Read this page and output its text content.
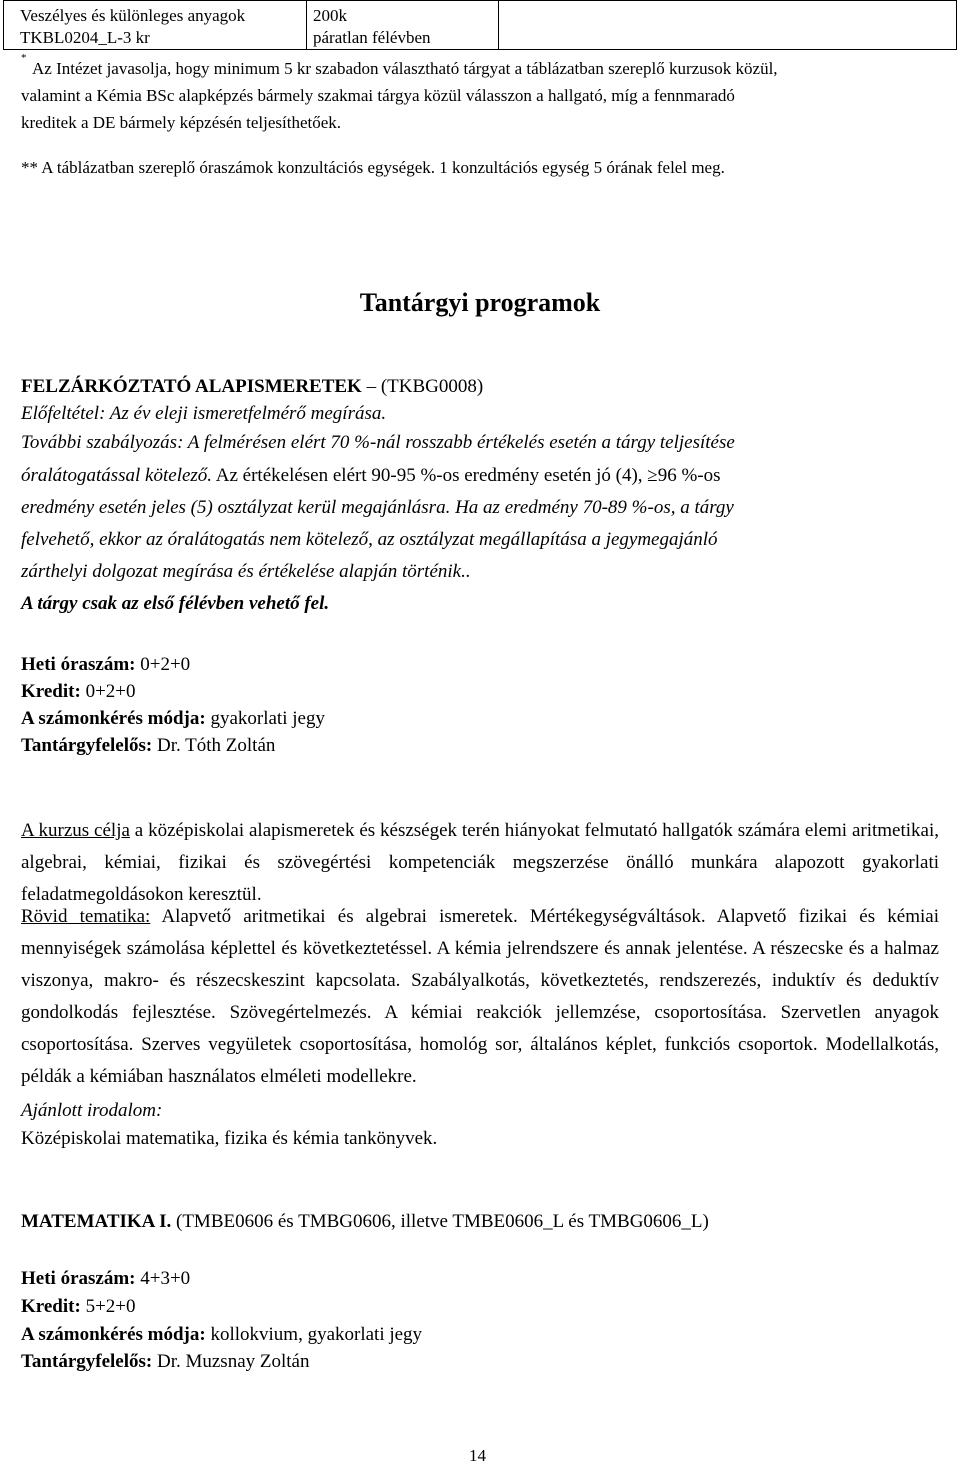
Veszélyes és különleges anyagok
TKBL0204_L-3 kr
200k
páratlan félévben
*
Az Intézet javasolja, hogy minimum 5 kr szabadon választható tárgyat a táblázatban szereplő kurzusok közül,
valamint a Kémia BSc alapképzés bármely szakmai tárgya közül válasszon a hallgató, míg a fennmaradó
kreditek a DE bármely képzésén teljesíthetőek.
** A táblázatban szereplő óraszámok konzultációs egységek. 1 konzultációs egység 5 órának felel meg.
Tantárgyi programok
FELZÁRKÓZTATÓ ALAPISMERETEK – (TKBG0008)
Előfeltétel: Az év eleji ismeretfelmérő megírása.
További szabályozás: A felmérésen elért 70 %-nál rosszabb értékelés esetén a tárgy teljesítése
óralátogatással kötelező. Az értékelésen elért 90-95 %-os eredmény esetén jó (4), ≥96 %-os
eredmény esetén jeles (5) osztályzat kerül megajánlásra. Ha az eredmény 70-89 %-os, a tárgy
felvehető, ekkor az óralátogatás nem kötelező, az osztályzat megállapítása a jegymegajánló
zárthelyi dolgozat megírása és értékelése alapján történik..
A tárgy csak az első félévben vehető fel.
Heti óraszám: 0+2+0
Kredit: 0+2+0
A számonkérés módja: gyakorlati jegy
Tantárgyfelelős: Dr. Tóth Zoltán
A kurzus célja a középiskolai alapismeretek és készségek terén hiányokat felmutató hallgatók számára elemi aritmetikai, algebrai, kémiai, fizikai és szövegértési kompetenciák megszerzése önálló munkára alapozott gyakorlati feladatmegoldásokon keresztül.
Rövid tematika: Alapvető aritmetikai és algebrai ismeretek. Mértékegységváltások. Alapvető fizikai és kémiai mennyiségek számolása képlettel és következtetéssel. A kémia jelrendszere és annak jelentése. A részecske és a halmaz viszonya, makro- és részecskeszint kapcsolata. Szabályalkotás, következtetés, rendszerezés, induktív és deduktív gondolkodás fejlesztése. Szövegértelmezés. A kémiai reakciók jellemzése, csoportosítása. Szervetlen anyagok csoportosítása. Szerves vegyületek csoportosítása, homológ sor, általános képlet, funkciós csoportok. Modellalkotás, példák a kémiában használatos elméleti modellekre.
Ajánlott irodalom:
Középiskolai matematika, fizika és kémia tankönyvek.
MATEMATIKA I. (TMBE0606 és TMBG0606, illetve TMBE0606_L és TMBG0606_L)
Heti óraszám: 4+3+0
Kredit: 5+2+0
A számonkérés módja: kollokvium, gyakorlati jegy
Tantárgyfelelős: Dr. Muzsnay Zoltán
14
